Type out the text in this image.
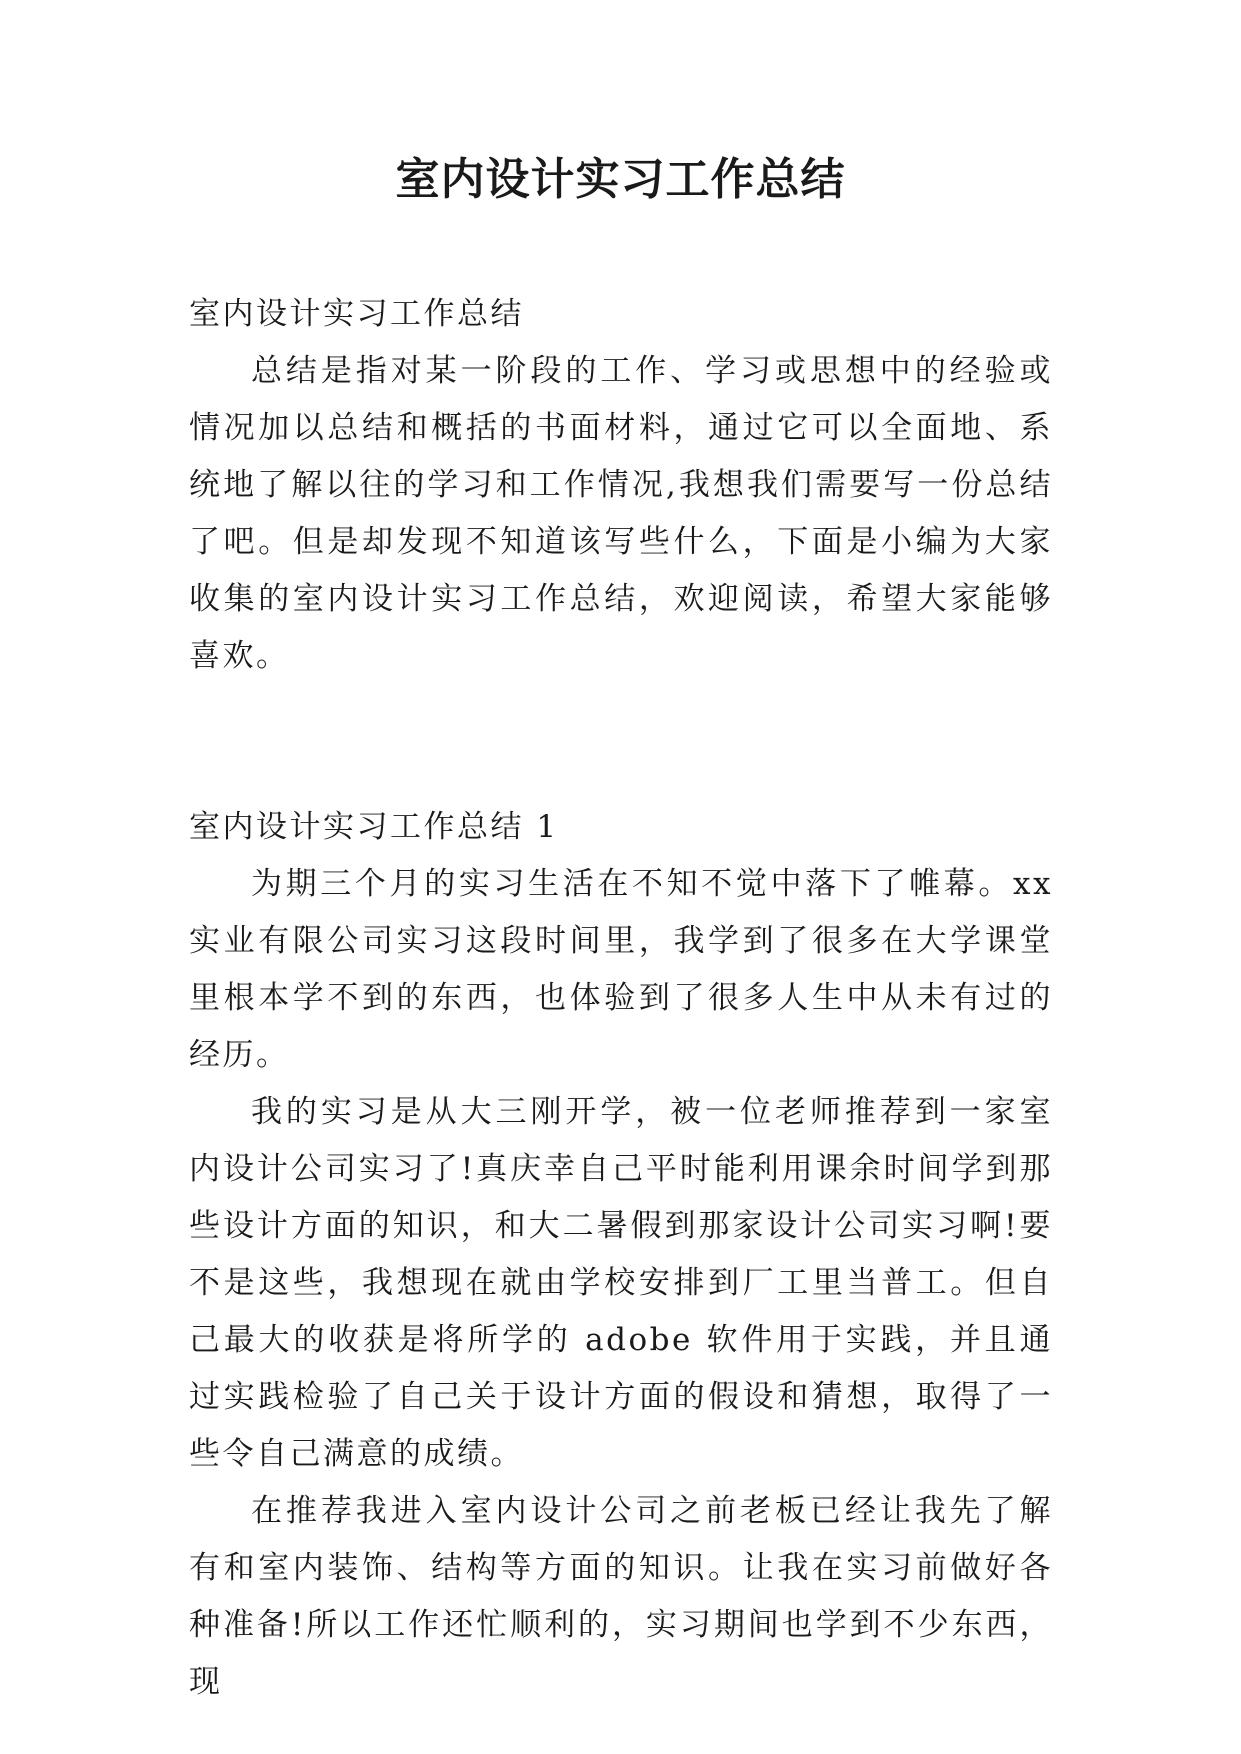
室内设计实习工作总结
室内设计实习工作总结

总结是指对某一阶段的工作、学习或思想中的经验或情况加以总结和概括的书面材料，通过它可以全面地、系统地了解以往的学习和工作情况,我想我们需要写一份总结了吧。但是却发现不知道该写些什么，下面是小编为大家收集的室内设计实习工作总结，欢迎阅读，希望大家能够喜欢。

室内设计实习工作总结 1

为期三个月的实习生活在不知不觉中落下了帷幕。xx 实业有限公司实习这段时间里，我学到了很多在大学课堂里根本学不到的东西，也体验到了很多人生中从未有过的经历。

我的实习是从大三刚开学，被一位老师推荐到一家室内设计公司实习了!真庆幸自己平时能利用课余时间学到那些设计方面的知识，和大二暑假到那家设计公司实习啊!要不是这些，我想现在就由学校安排到厂工里当普工。但自己最大的收获是将所学的 adobe 软件用于实践，并且通过实践检验了自己关于设计方面的假设和猜想，取得了一些令自己满意的成绩。

在推荐我进入室内设计公司之前老板已经让我先了解有和室内装饰、结构等方面的知识。让我在实习前做好各种准备!所以工作还忙顺利的，实习期间也学到不少东西，现
